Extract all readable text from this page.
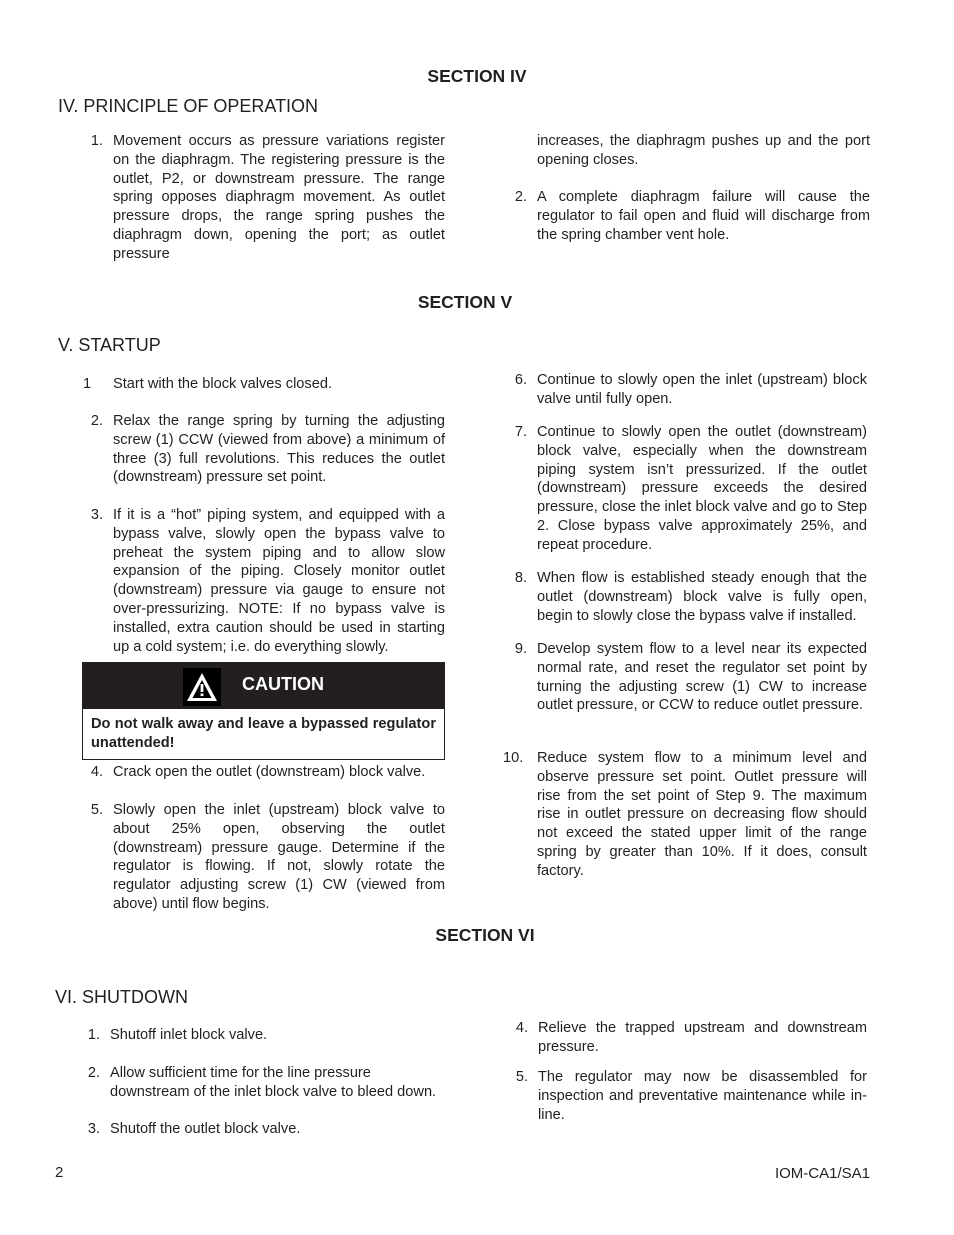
SECTION IV
IV. PRINCIPLE OF OPERATION
1. Movement occurs as pressure variations register on the diaphragm. The registering pressure is the outlet, P2, or downstream pressure. The range spring opposes diaphragm movement. As outlet pressure drops, the range spring pushes the diaphragm down, opening the port; as outlet pressure
increases, the diaphragm pushes up and the port opening closes.
2. A complete diaphragm failure will cause the regulator to fail open and fluid will discharge from the spring chamber vent hole.
SECTION V
V. STARTUP
1	Start with the block valves closed.
2. Relax the range spring by turning the adjusting screw (1) CCW (viewed from above) a minimum of three (3) full revolutions. This reduces the outlet (downstream) pressure set point.
3. If it is a “hot” piping system, and equipped with a bypass valve, slowly open the bypass valve to preheat the system piping and to allow slow expansion of the piping. Closely monitor outlet (downstream) pressure via gauge to ensure not over-pressurizing. NOTE: If no bypass valve is installed, extra caution should be used in starting up a cold system; i.e. do everything slowly.
CAUTION
Do not walk away and leave a bypassed regulator unattended!
4. Crack open the outlet (downstream) block valve.
5. Slowly open the inlet (upstream) block valve to about 25% open, observing the outlet (downstream) pressure gauge. Determine if the regulator is flowing. If not, slowly rotate the regulator adjusting screw (1) CW (viewed from above) until flow begins.
6. Continue to slowly open the inlet (upstream) block valve until fully open.
7. Continue to slowly open the outlet (downstream) block valve, especially when the downstream piping system isn’t pressurized. If the outlet (downstream) pressure exceeds the desired pressure, close the inlet block valve and go to Step 2. Close bypass valve approximately 25%, and repeat procedure.
8. When flow is established steady enough that the outlet (downstream) block valve is fully open, begin to slowly close the bypass valve if installed.
9. Develop system flow to a level near its expected normal rate, and reset the regulator set point by turning the adjusting screw (1) CW to increase outlet pressure, or CCW to reduce outlet pressure.
10. Reduce system flow to a minimum level and observe pressure set point. Outlet pressure will rise from the set point of Step 9. The maximum rise in outlet pressure on decreasing flow should not exceed the stated upper limit of the range spring by greater than 10%. If it does, consult factory.
SECTION VI
VI. SHUTDOWN
1. Shutoff inlet block valve.
2. Allow sufficient time for the line pressure downstream of the inlet block valve to bleed down.
3. Shutoff the outlet block valve.
4. Relieve the trapped upstream and downstream pressure.
5. The regulator may now be disassembled for inspection and preventative maintenance while in-line.
2	IOM-CA1/SA1
